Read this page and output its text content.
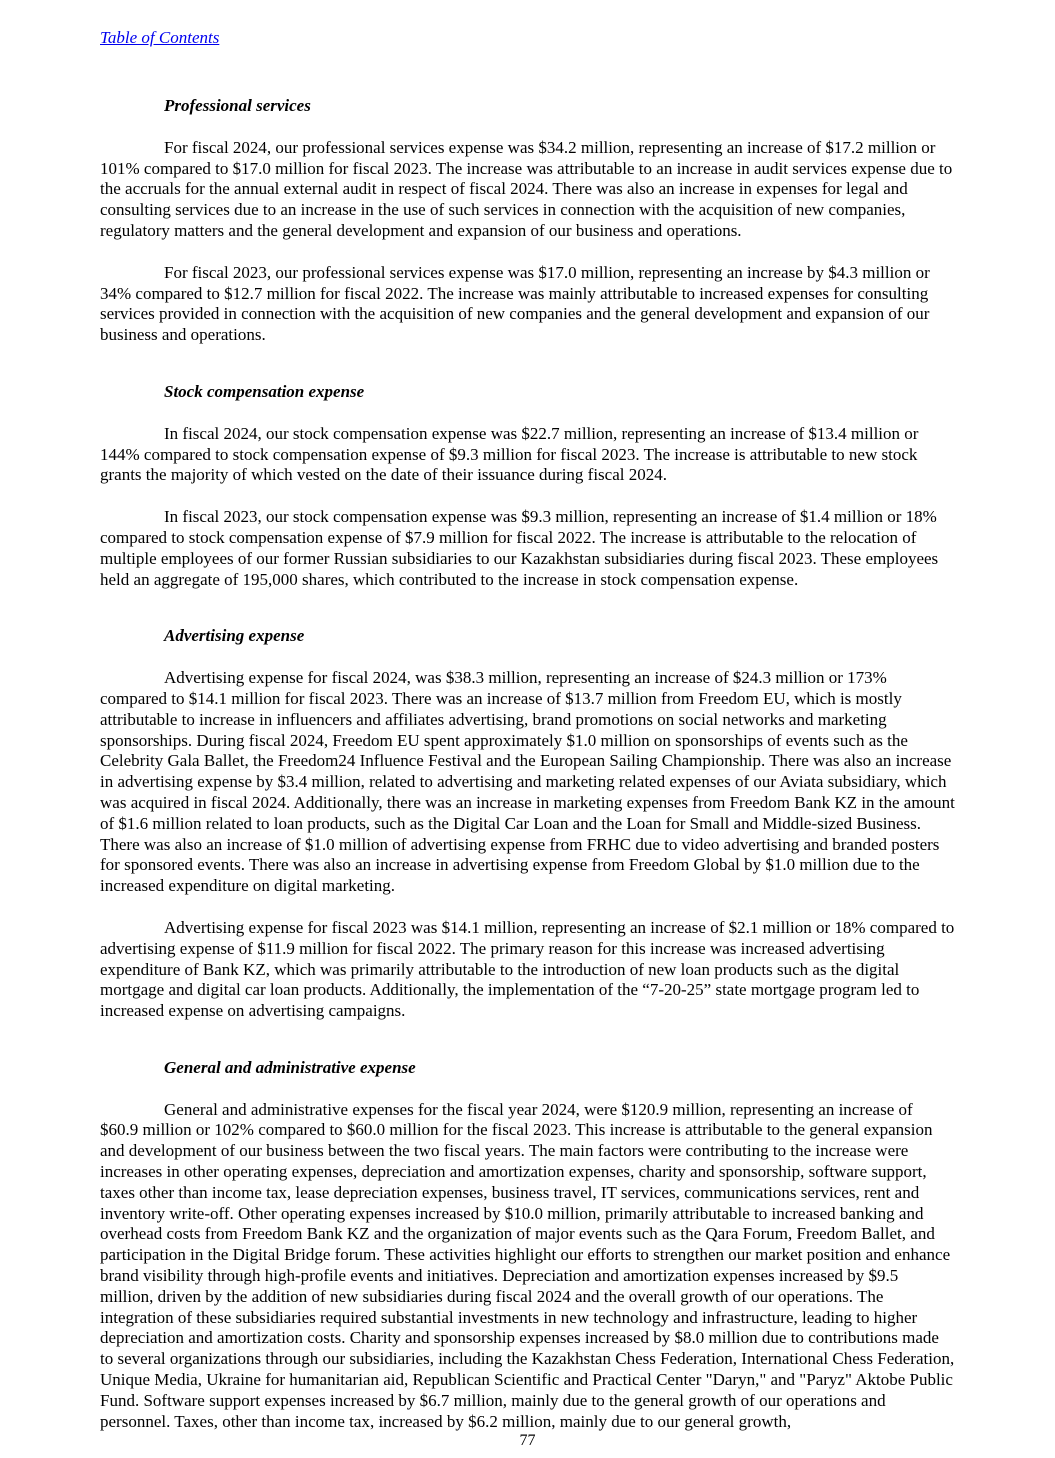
Table of Contents
Professional services

For fiscal 2024, our professional services expense was $34.2 million, representing an increase of $17.2 million or 101% compared to $17.0 million for fiscal 2023. The increase was attributable to an increase in audit services expense due to the accruals for the annual external audit in respect of fiscal 2024. There was also an increase in expenses for legal and consulting services due to an increase in the use of such services in connection with the acquisition of new companies, regulatory matters and the general development and expansion of our business and operations.

For fiscal 2023, our professional services expense was $17.0 million, representing an increase by $4.3 million or 34% compared to $12.7 million for fiscal 2022. The increase was mainly attributable to increased expenses for consulting services provided in connection with the acquisition of new companies and the general development and expansion of our business and operations.

Stock compensation expense

In fiscal 2024, our stock compensation expense was $22.7 million, representing an increase of $13.4 million or 144% compared to stock compensation expense of $9.3 million for fiscal 2023. The increase is attributable to new stock grants the majority of which vested on the date of their issuance during fiscal 2024.

In fiscal 2023, our stock compensation expense was $9.3 million, representing an increase of $1.4 million or 18% compared to stock compensation expense of $7.9 million for fiscal 2022. The increase is attributable to the relocation of multiple employees of our former Russian subsidiaries to our Kazakhstan subsidiaries during fiscal 2023. These employees held an aggregate of 195,000 shares, which contributed to the increase in stock compensation expense.

Advertising expense

Advertising expense for fiscal 2024, was $38.3 million, representing an increase of $24.3 million or 173% compared to $14.1 million for fiscal 2023. There was an increase of $13.7 million from Freedom EU, which is mostly attributable to increase in influencers and affiliates advertising, brand promotions on social networks and marketing sponsorships. During fiscal 2024, Freedom EU spent approximately $1.0 million on sponsorships of events such as the Celebrity Gala Ballet, the Freedom24 Influence Festival and the European Sailing Championship. There was also an increase in advertising expense by $3.4 million, related to advertising and marketing related expenses of our Aviata subsidiary, which was acquired in fiscal 2024. Additionally, there was an increase in marketing expenses from Freedom Bank KZ in the amount of $1.6 million related to loan products, such as the Digital Car Loan and the Loan for Small and Middle-sized Business. There was also an increase of $1.0 million of advertising expense from FRHC due to video advertising and branded posters for sponsored events. There was also an increase in advertising expense from Freedom Global by $1.0 million due to the increased expenditure on digital marketing.

Advertising expense for fiscal 2023 was $14.1 million, representing an increase of $2.1 million or 18% compared to advertising expense of $11.9 million for fiscal 2022. The primary reason for this increase was increased advertising expenditure of Bank KZ, which was primarily attributable to the introduction of new loan products such as the digital mortgage and digital car loan products. Additionally, the implementation of the “7-20-25” state mortgage program led to increased expense on advertising campaigns.

General and administrative expense

General and administrative expenses for the fiscal year 2024, were $120.9 million, representing an increase of $60.9 million or 102% compared to $60.0 million for the fiscal 2023. This increase is attributable to the general expansion and development of our business between the two fiscal years. The main factors were contributing to the increase were increases in other operating expenses, depreciation and amortization expenses, charity and sponsorship, software support, taxes other than income tax, lease depreciation expenses, business travel, IT services, communications services, rent and inventory write-off. Other operating expenses increased by $10.0 million, primarily attributable to increased banking and overhead costs from Freedom Bank KZ and the organization of major events such as the Qara Forum, Freedom Ballet, and participation in the Digital Bridge forum. These activities highlight our efforts to strengthen our market position and enhance brand visibility through high-profile events and initiatives. Depreciation and amortization expenses increased by $9.5 million, driven by the addition of new subsidiaries during fiscal 2024 and the overall growth of our operations. The integration of these subsidiaries required substantial investments in new technology and infrastructure, leading to higher depreciation and amortization costs. Charity and sponsorship expenses increased by $8.0 million due to contributions made to several organizations through our subsidiaries, including the Kazakhstan Chess Federation, International Chess Federation, Unique Media, Ukraine for humanitarian aid, Republican Scientific and Practical Center "Daryn," and "Paryz" Aktobe Public Fund. Software support expenses increased by $6.7 million, mainly due to the general growth of our operations and personnel. Taxes, other than income tax, increased by $6.2 million, mainly due to our general growth,

77
